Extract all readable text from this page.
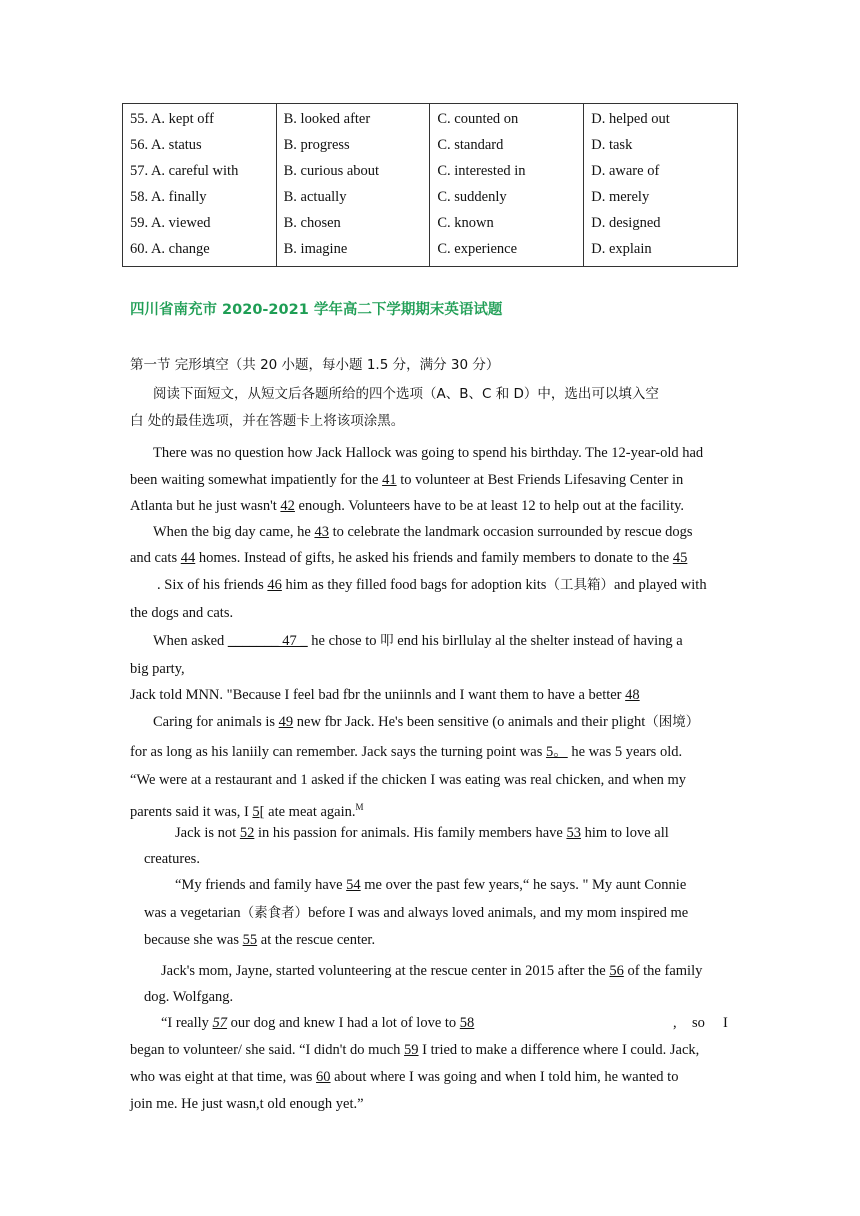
55. A. kept off	B. looked after	C. counted on	D. helped out
56. A. status	B. progress	C. standard	D. task
57. A. careful with	B. curious about	C. interested in	D. aware of
58. A. finally	B. actually	C. suddenly	D. merely
59. A. viewed	B. chosen	C. known	D. designed
60. A. change	B. imagine	C. experience	D. explain
四川省南充市 2020-2021 学年高二下学期期末英语试题
第一节 完形填空（共 20 小题，每小题 1.5 分，满分 30 分）
阅读下面短文，从短文后各题所给的四个选项（A、B、C 和 D）中，选出可以填入空
白 处的最佳选项，并在答题卡上将该项涂黑。
There was no question how Jack Hallock was going to spend his birthday. The 12-year-old had
been waiting somewhat impatiently for the 41 to volunteer at Best Friends Lifesaving Center in
Atlanta but he just wasn't 42 enough. Volunteers have to be at least 12 to help out at the facility.
When the big day came, he 43 to celebrate the landmark occasion surrounded by rescue dogs
and cats 44 homes. Instead of gifts, he asked his friends and family members to donate to the 45
. Six of his friends 46 him as they filled food bags for adoption kits（工具箱）and played with
the dogs and cats.
When asked _______ 47 _ he chose to 叩 end his birllulay al the shelter instead of having a
big party,
Jack told MNN. "Because I feel bad fbr the uniinnls and I want them to have a better 48
Caring for animals is 49 new fbr Jack. He's been sensitive (o animals and their plight（困境）
for as long as his laniily can remember. Jack says the turning point was 5。 he was 5 years old.
“We were at a restaurant and 1 asked if the chicken I was eating was real chicken, and when my
parents said it was, I 5[ ate meat again.$^M$
Jack is not 52 in his passion for animals. His family members have 53 him to love all
creatures.
“My friends and family have 54 me over the past few years,“ he says. " My aunt Connie
was a vegetarian（素食者）before I was and always loved animals, and my mom inspired me
because she was 55 at the rescue center.
Jack's mom, Jayne, started volunteering at the rescue center in 2015 after the 56 of the family
dog. Wolfgang.
“I really 57 our dog and knew I had a lot of love to 58	, so I
began to volunteer/ she said. “I didn't do much 59 I tried to make a difference where I could. Jack,
who was eight at that time, was 60 about where I was going and when I told him, he wanted to
join me. He just wasn,t old enough yet.”
